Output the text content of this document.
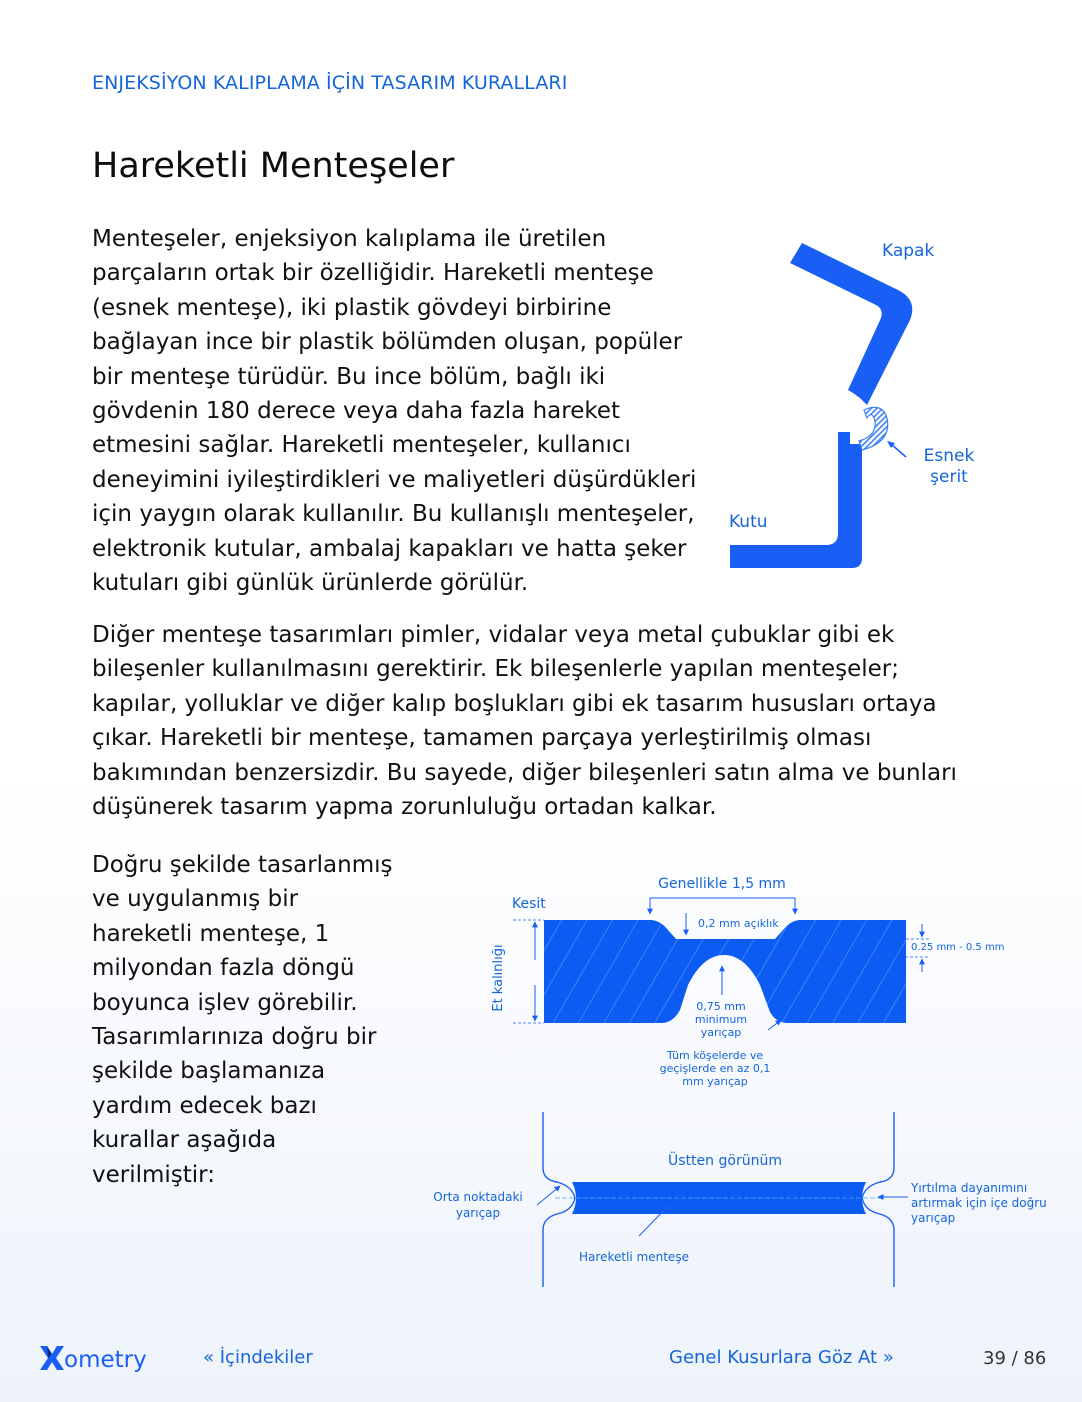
ENJEKSİYON KALIPLAMA İÇİN TASARIM KURALLARI
Hareketli Menteşeler

Menteşeler, enjeksiyon kalıplama ile üretilen parçaların ortak bir özelliğidir. Hareketli menteşe (esnek menteşe), iki plastik gövdeyi birbirine bağlayan ince bir plastik bölümden oluşan, popüler bir menteşe türüdür. Bu ince bölüm, bağlı iki gövdenin 180 derece veya daha fazla hareket etmesini sağlar. Hareketli menteşeler, kullanıcı deneyimini iyileştirdikleri ve maliyetleri düşürdükleri için yaygın olarak kullanılır. Bu kullanışlı menteşeler, elektronik kutular, ambalaj kapakları ve hatta şeker kutuları gibi günlük ürünlerde görülür.

Kapak
Esnek
şerit
Kutu

Diğer menteşe tasarımları pimler, vidalar veya metal çubuklar gibi ek bileşenler kullanılmasını gerektirir. Ek bileşenlerle yapılan menteşeler; kapılar, yolluklar ve diğer kalıp boşlukları gibi ek tasarım hususları ortaya çıkar. Hareketli bir menteşe, tamamen parçaya yerleştirilmiş olması bakımından benzersizdir. Bu sayede, diğer bileşenleri satın alma ve bunları düşünerek tasarım yapma zorunluluğu ortadan kalkar.

Doğru şekilde tasarlanmış
ve uygulanmış bir
hareketli menteşe, 1
milyondan fazla döngü
boyunca işlev görebilir.
Tasarımlarınıza doğru bir
şekilde başlamanıza
yardım edecek bazı
kurallar aşağıda
verilmiştir:
Kesit
Genellikle 1,5 mm
0,2 mm açıklık
0.25 mm - 0.5 mm
Et kalınlığı	0,75 mm
minimum
yarıçap
Tüm köşelerde ve
geçişlerde en az 0,1
mm yarıçap
Üstten görünüm
Orta noktadaki
yarıçap
Yırtılma dayanımını
artırmak için içe doğru
yarıçap
Hareketli menteşe
ometry	« İçindekiler	Genel Kusurlara Göz At »	39 / 86
